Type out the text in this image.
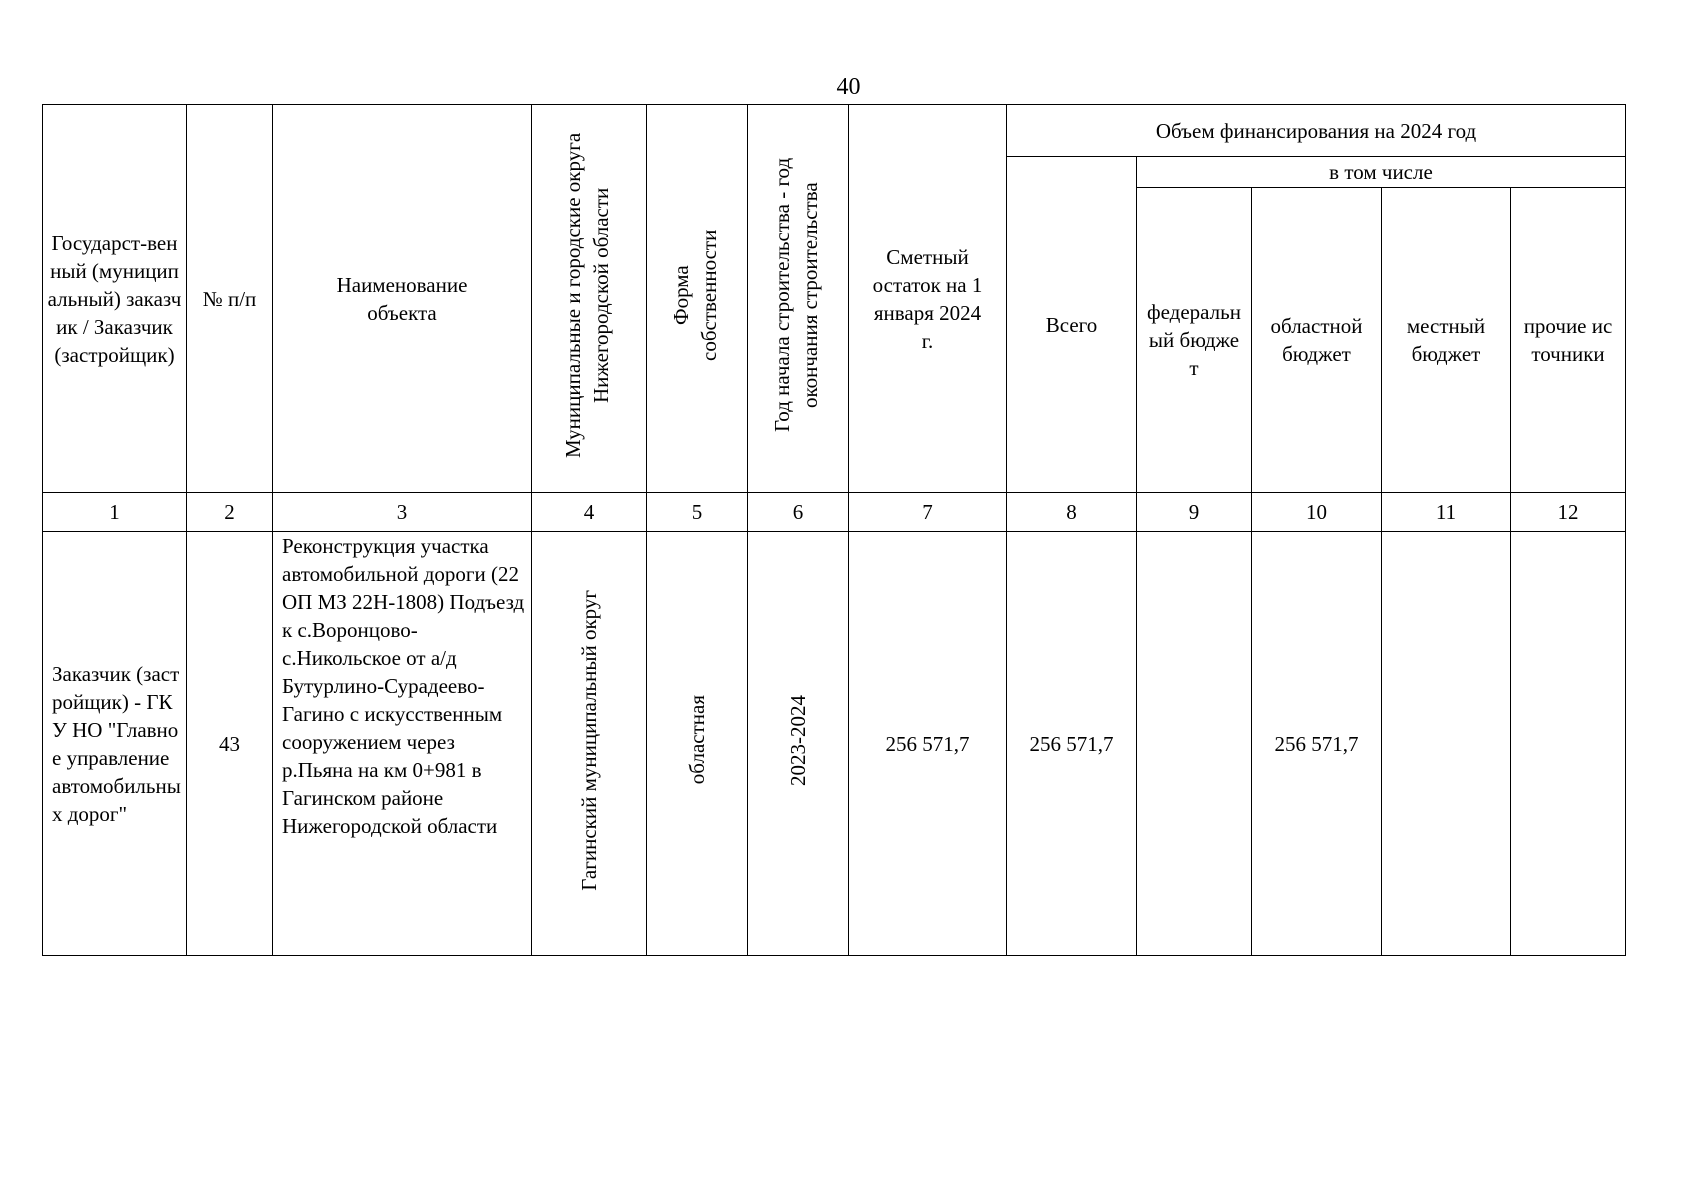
40
Государст-венный (муниципальный) заказчик / Заказчик (застройщик)	№ п/п	Наименование объекта	Муниципальные и городские округа Нижегородской области	Форма собственности	Год начала строительства - год окончания строительства	Сметный остаток на 1 января 2024 г.	Объем финансирования на 2024 год				

							Всего	в том числе			

								федеральный бюджет	областной бюджет	местный бюджет	прочие источники

1	2	3	4	5	6	7	8	9	10	11	12

Заказчик (застройщик) - ГКУ НО "Главное управление автомобильных дорог"	43	Реконструкция участка автомобильной дороги (22 ОП МЗ 22Н-1808) Подъезд к с.Воронцово-с.Никольское от а/д Бутурлино-Сурадеево-Гагино с искусственным сооружением через р.Пьяна на км 0+981 в Гагинском районе Нижегородской области	Гагинский муниципальный округ	областная	2023-2024	256 571,7	256 571,7		256 571,7		
